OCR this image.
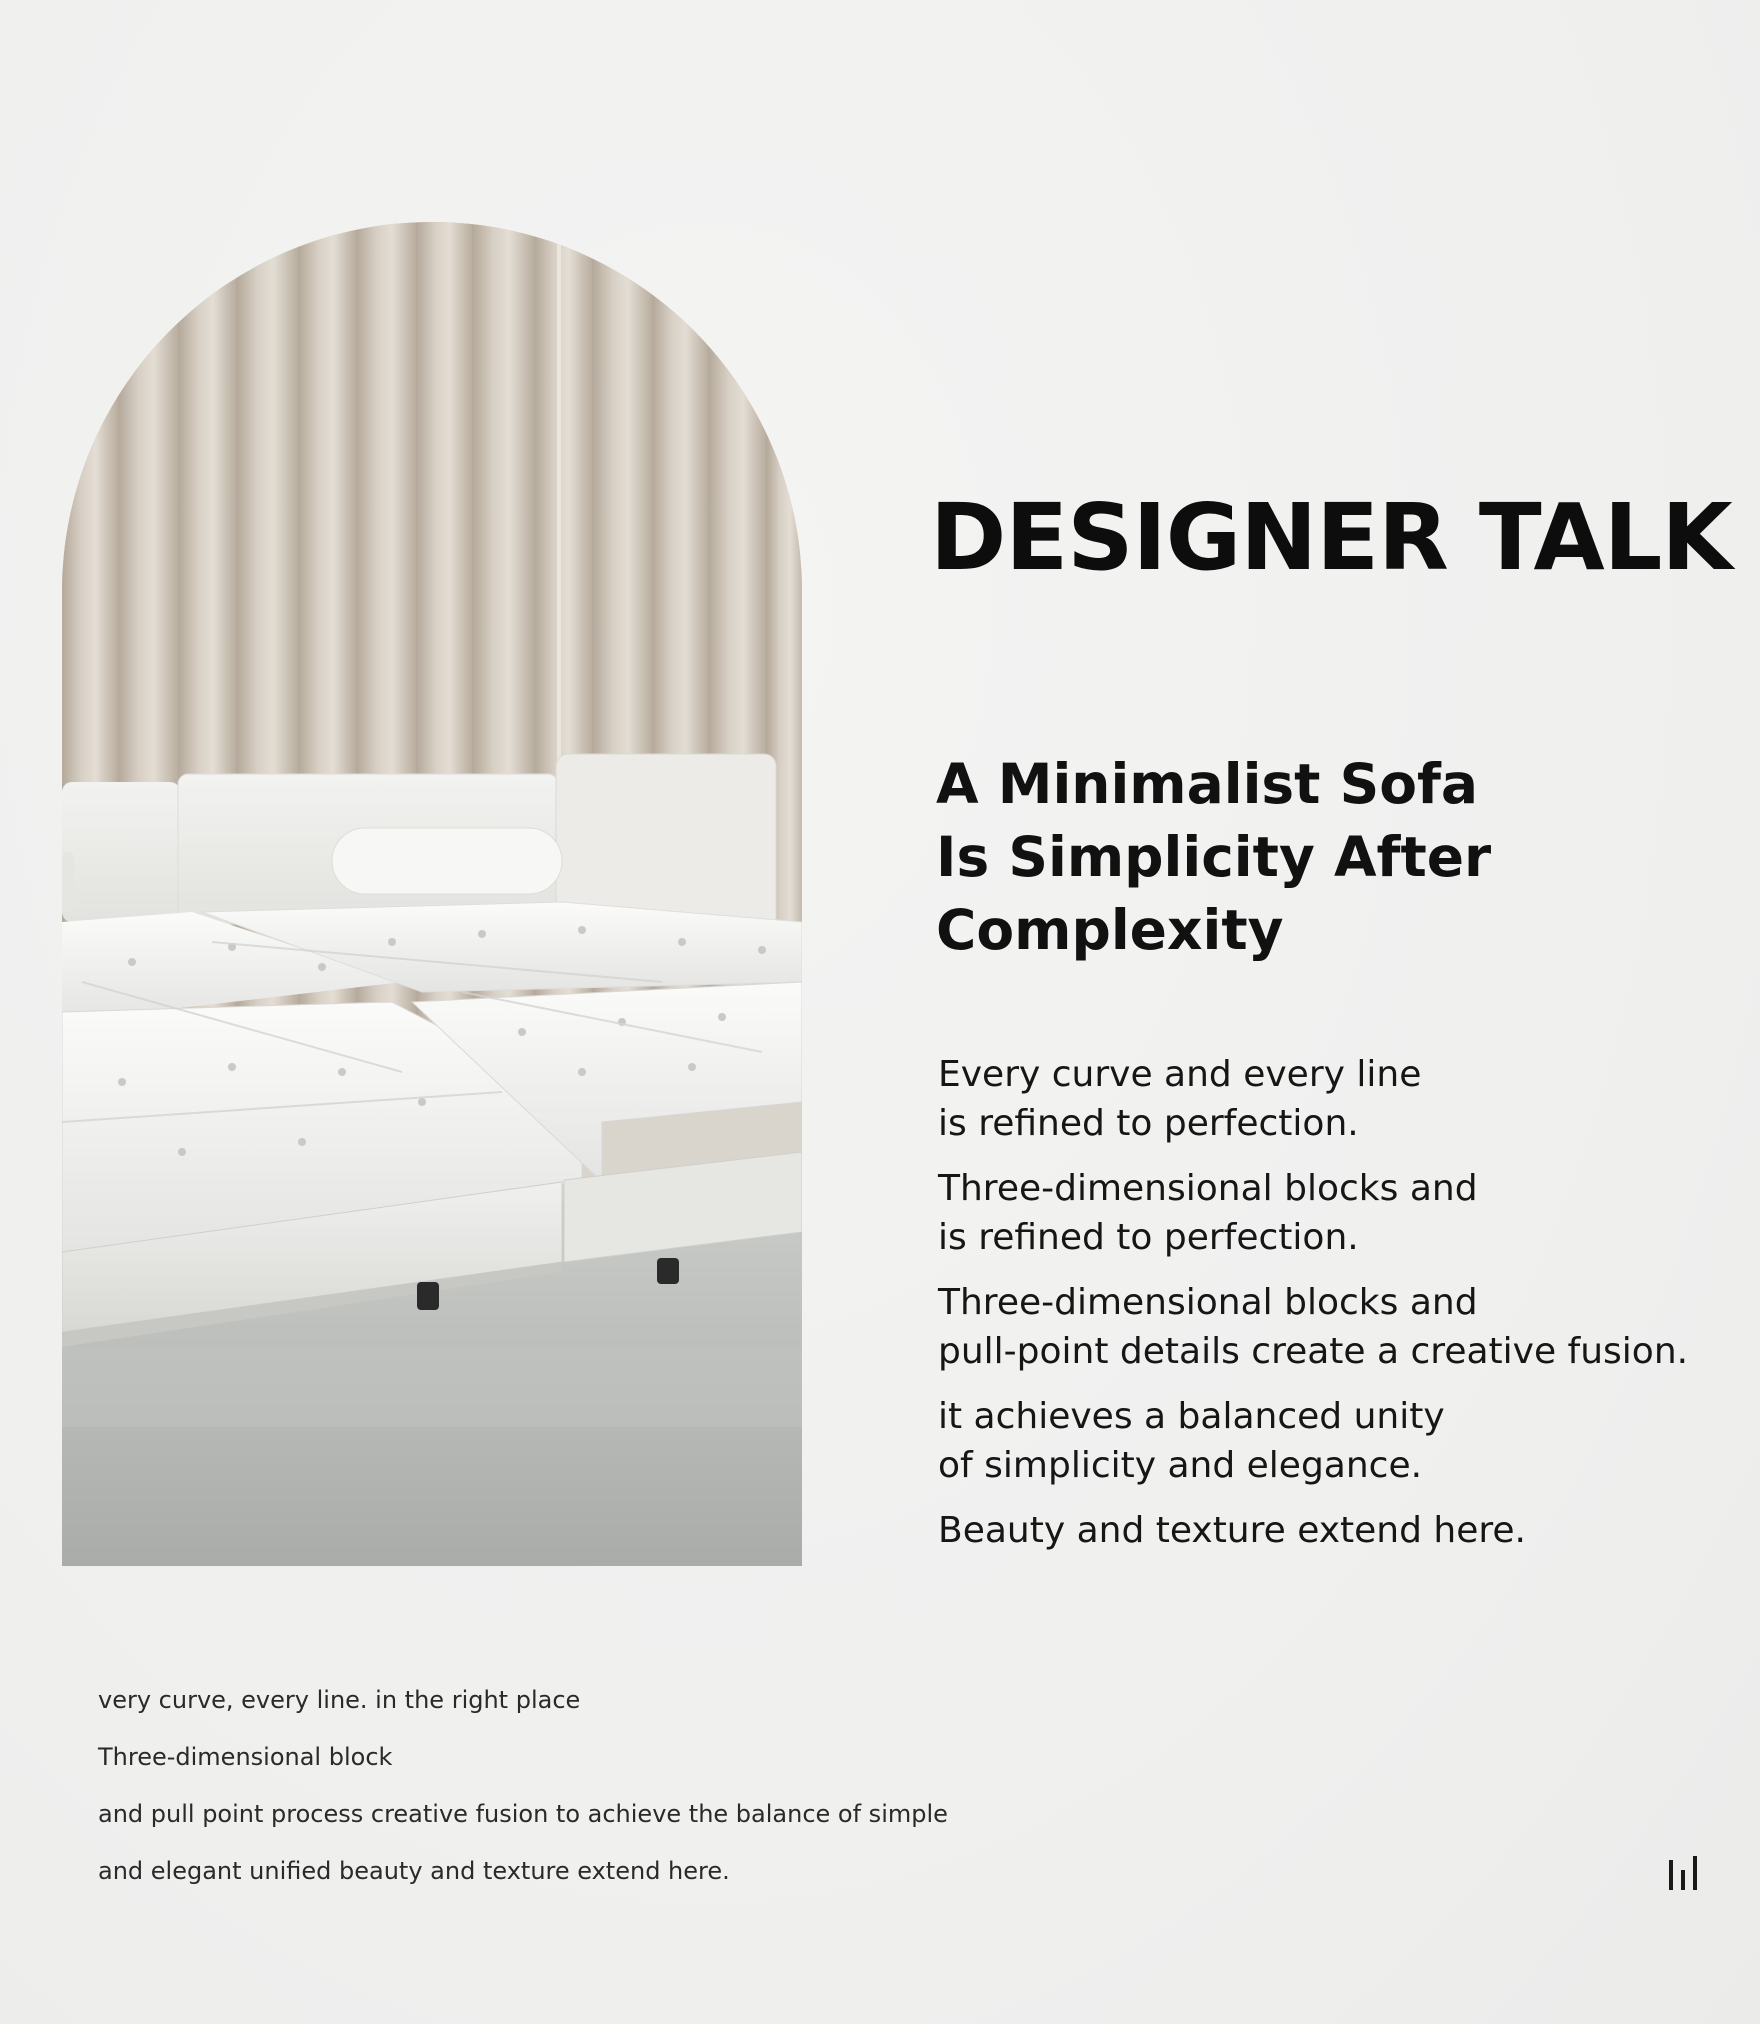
DESIGNER TALK
A Minimalist Sofa
Is Simplicity After
Complexity
Every curve and every line
is refined to perfection.
Three-dimensional blocks and
is refined to perfection.
Three-dimensional blocks and
pull-point details create a creative fusion.
it achieves a balanced unity
of simplicity and elegance.
Beauty and texture extend here.
very curve, every line. in the right place
Three-dimensional block
and pull point process creative fusion to achieve the balance of simple
and elegant unified beauty and texture extend here.
